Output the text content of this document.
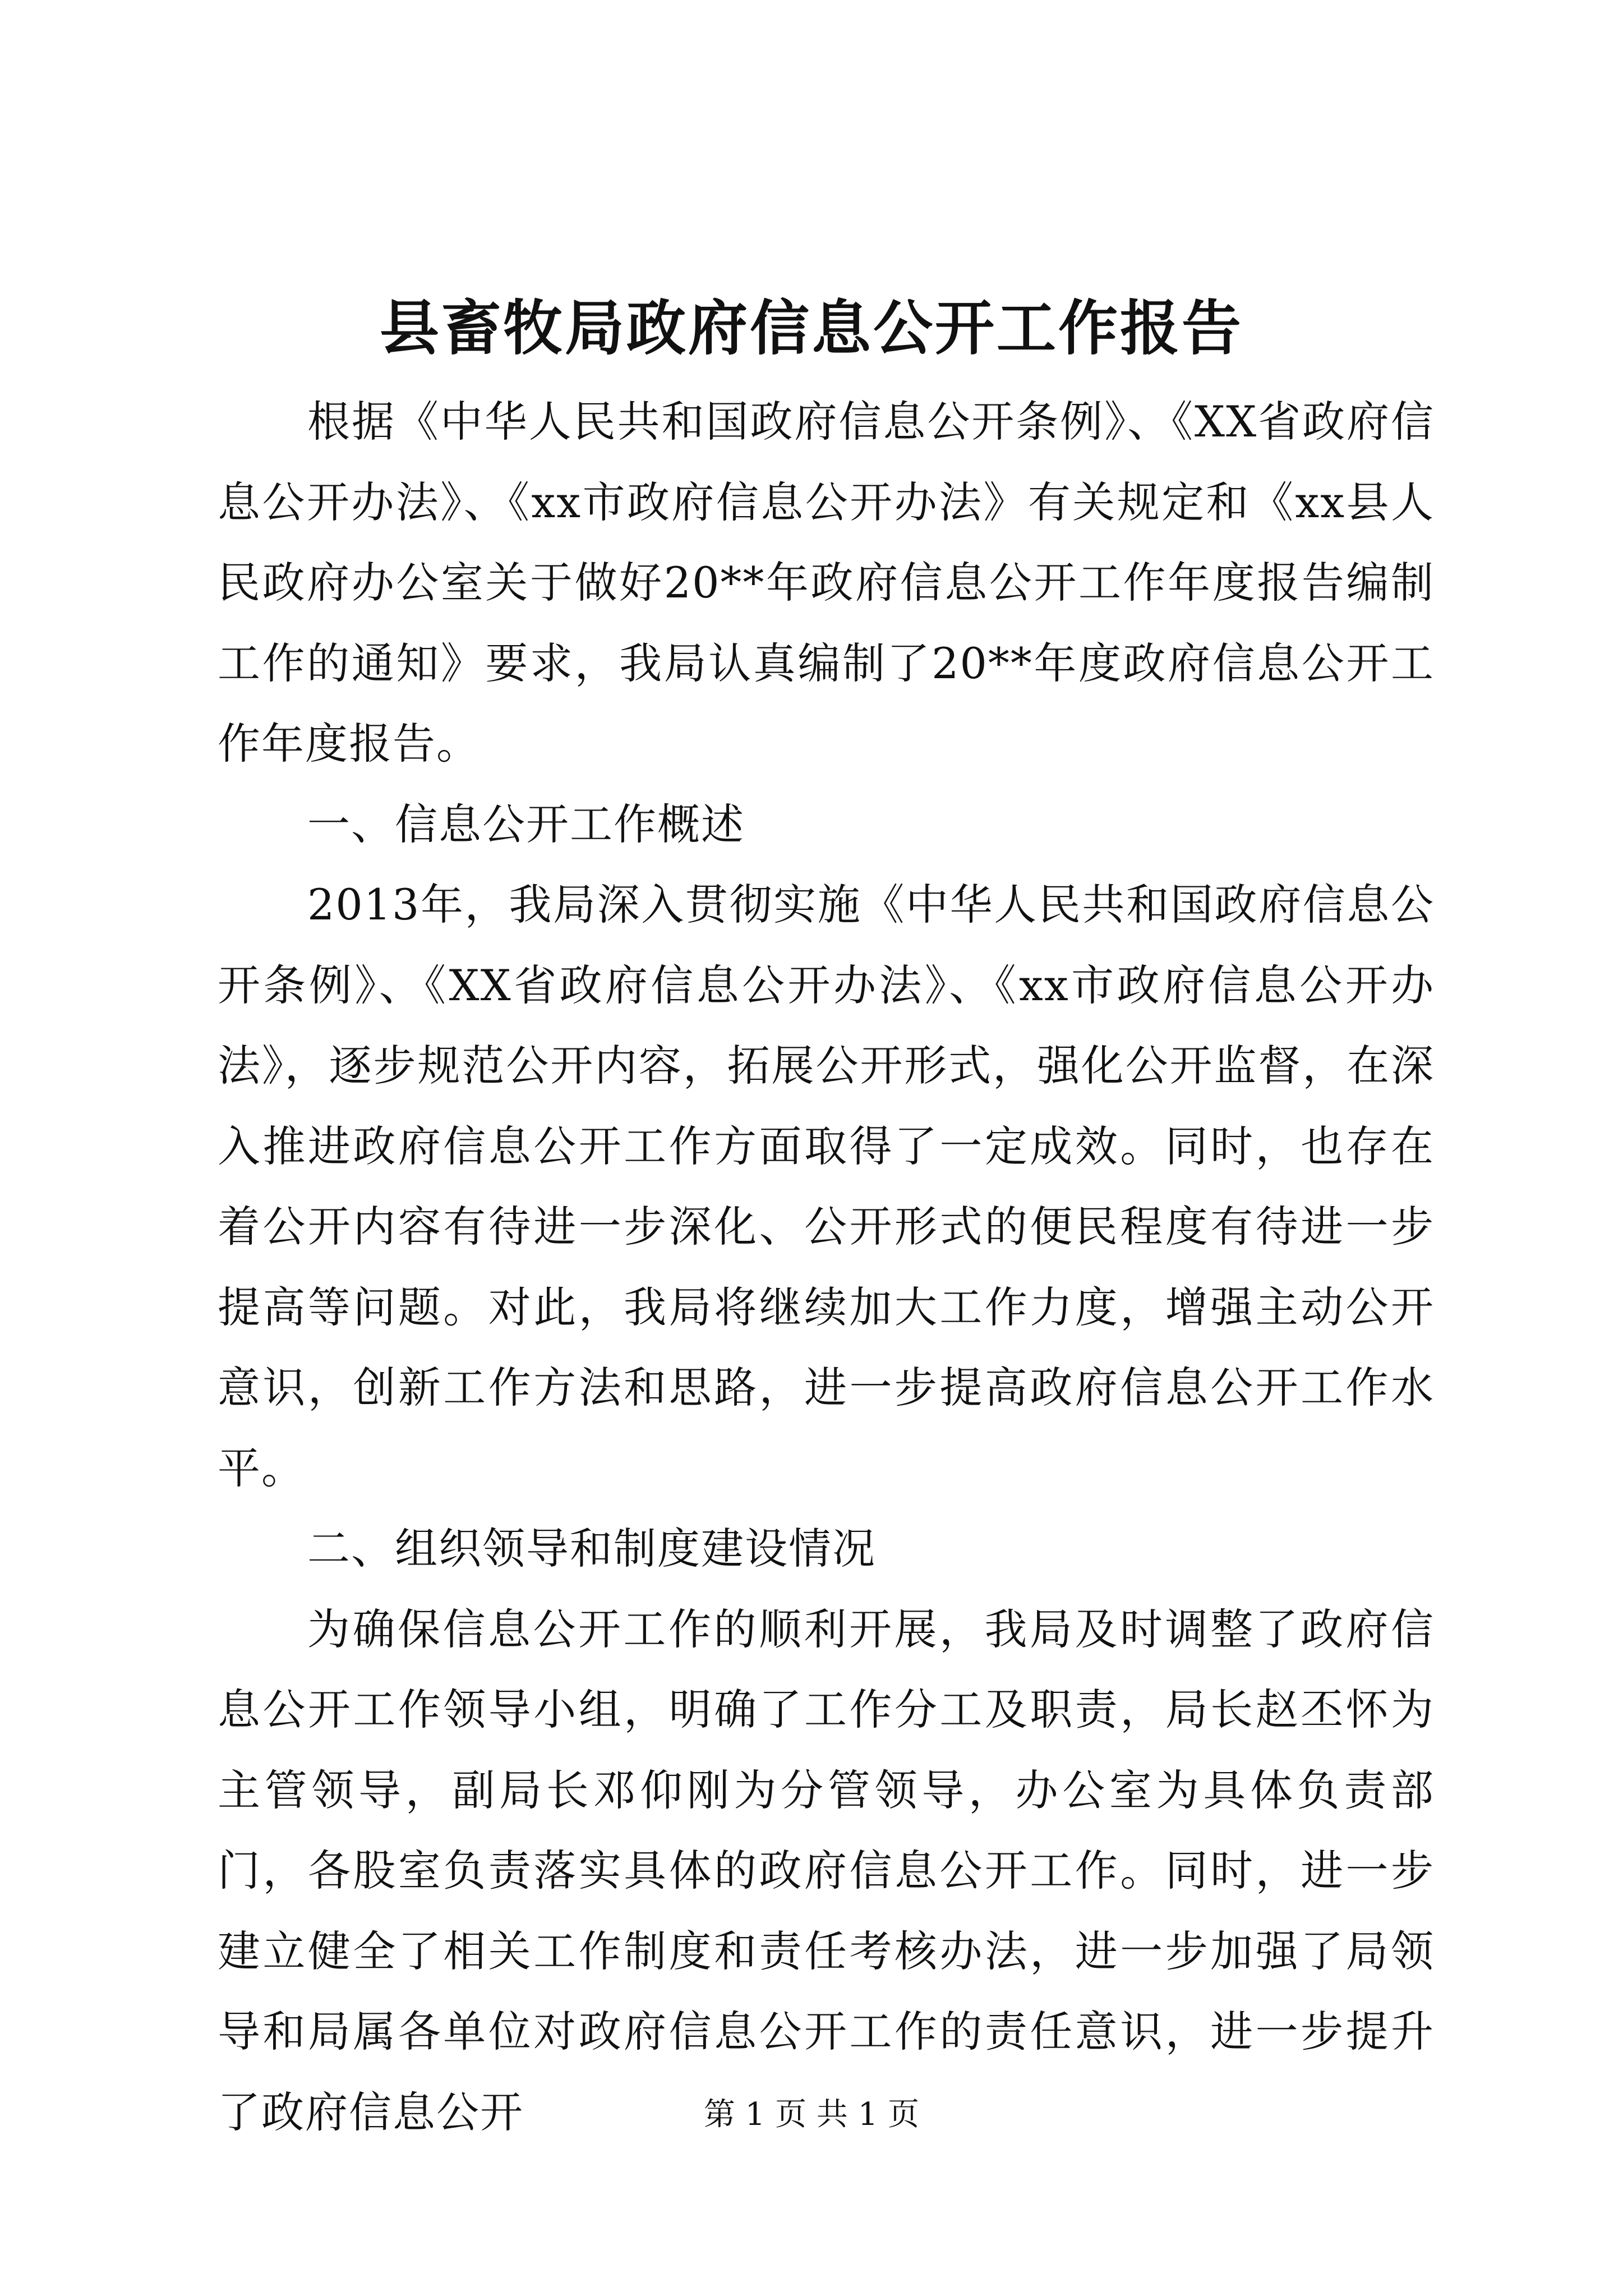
县畜牧局政府信息公开工作报告

根据《中华人民共和国政府信息公开条例》、《XX省政府信息公开办法》、《xx市政府信息公开办法》有关规定和《xx县人民政府办公室关于做好20**年政府信息公开工作年度报告编制工作的通知》要求，我局认真编制了20**年度政府信息公开工作年度报告。

一、信息公开工作概述

2013年，我局深入贯彻实施《中华人民共和国政府信息公开条例》、《XX省政府信息公开办法》、《xx市政府信息公开办法》，逐步规范公开内容，拓展公开形式，强化公开监督，在深入推进政府信息公开工作方面取得了一定成效。同时，也存在着公开内容有待进一步深化、公开形式的便民程度有待进一步提高等问题。对此，我局将继续加大工作力度，增强主动公开意识，创新工作方法和思路，进一步提高政府信息公开工作水平。

二、组织领导和制度建设情况

为确保信息公开工作的顺利开展，我局及时调整了政府信息公开工作领导小组，明确了工作分工及职责，局长赵丕怀为主管领导，副局长邓仰刚为分管领导，办公室为具体负责部门，各股室负责落实具体的政府信息公开工作。同时，进一步建立健全了相关工作制度和责任考核办法，进一步加强了局领导和局属各单位对政府信息公开工作的责任意识，进一步提升了政府信息公开	第 1 页 共 1 页
